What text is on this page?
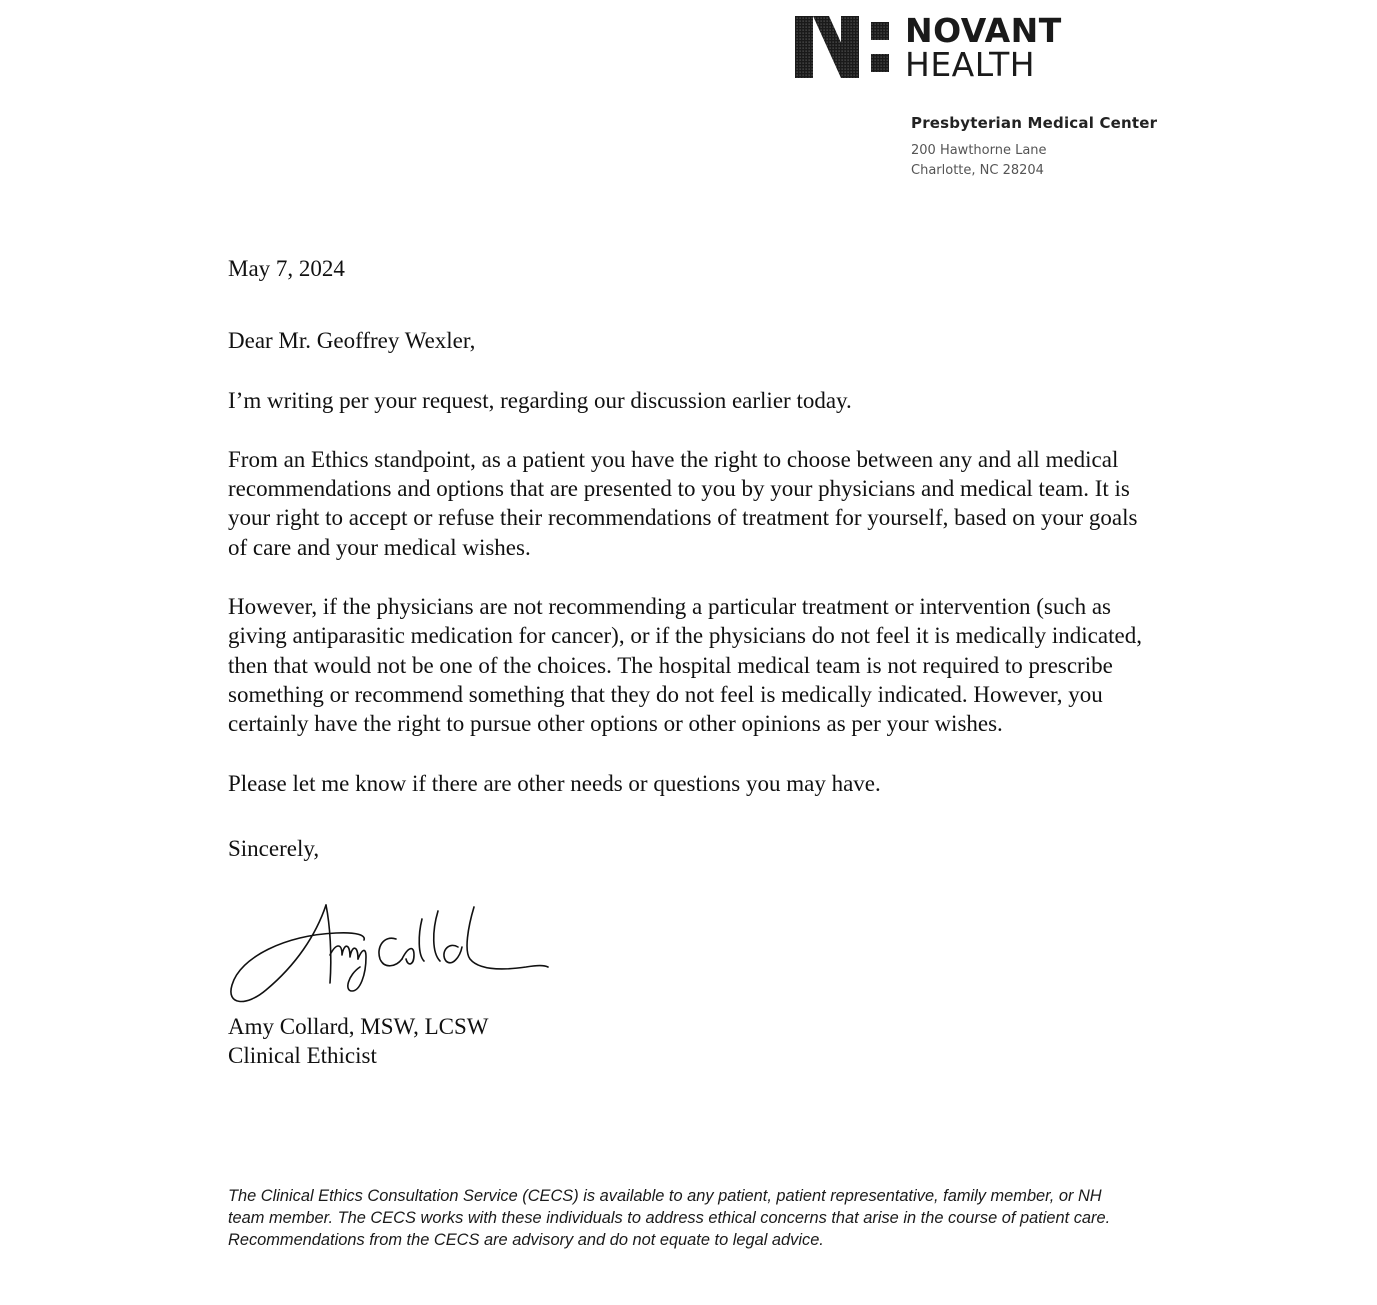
NOVANT
HEALTH
Presbyterian Medical Center
200 Hawthorne Lane
Charlotte, NC 28204

May 7, 2024

Dear Mr. Geoffrey Wexler,

I’m writing per your request, regarding our discussion earlier today.

From an Ethics standpoint, as a patient you have the right to choose between any and all medical recommendations and options that are presented to you by your physicians and medical team. It is your right to accept or refuse their recommendations of treatment for yourself, based on your goals of care and your medical wishes.

However, if the physicians are not recommending a particular treatment or intervention (such as giving antiparasitic medication for cancer), or if the physicians do not feel it is medically indicated, then that would not be one of the choices. The hospital medical team is not required to prescribe something or recommend something that they do not feel is medically indicated. However, you certainly have the right to pursue other options or other opinions as per your wishes.

Please let me know if there are other needs or questions you may have.

Sincerely,

Amy Collard, MSW, LCSW
Clinical Ethicist
The Clinical Ethics Consultation Service (CECS) is available to any patient, patient representative, family member, or NH team member. The CECS works with these individuals to address ethical concerns that arise in the course of patient care. Recommendations from the CECS are advisory and do not equate to legal advice.
